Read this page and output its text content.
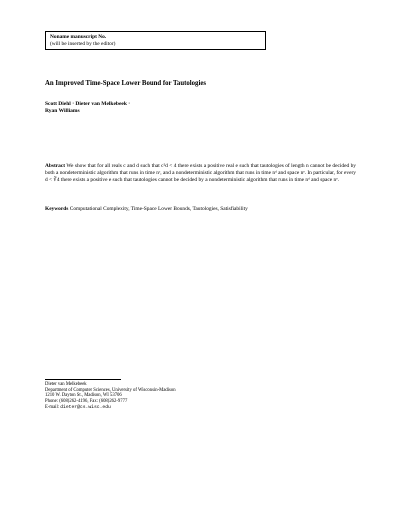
Noname manuscript No.
(will be inserted by the editor)
An Improved Time-Space Lower Bound for Tautologies
Scott Diehl · Dieter van Melkebeek ·
Ryan Williams

Abstract We show that for all reals c and d such that c²d < 4 there exists a positive real e such that tautologies of length n cannot be decided by both a nondeterministic algorithm that runs in time nᶜ, and a nondeterministic algorithm that runs in time nᵈ and space nᵉ. In particular, for every d < ∛4 there exists a positive e such that tautologies cannot be decided by a nondeterministic algorithm that runs in time nᵈ and space nᵉ.

Keywords Computational Complexity, Time-Space Lower Bounds, Tautologies, Satisfiability

Dieter van Melkebeek
Department of Computer Sciences, University of Wisconsin-Madison
1210 W. Dayton St., Madison, WI 53706
Phone: (608)262-4196, Fax: (608)262-9777
E-mail: dieter@cs.wisc.edu
